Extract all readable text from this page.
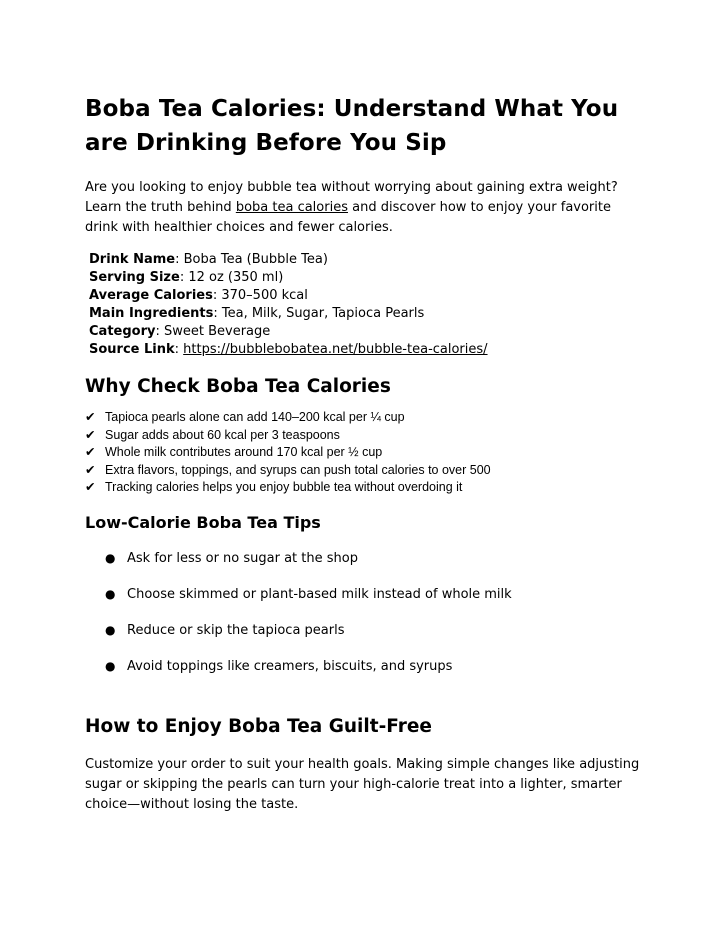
Boba Tea Calories: Understand What You are Drinking Before You Sip

Are you looking to enjoy bubble tea without worrying about gaining extra weight? Learn the truth behind boba tea calories and discover how to enjoy your favorite drink with healthier choices and fewer calories.

Drink Name: Boba Tea (Bubble Tea)
Serving Size: 12 oz (350 ml)
Average Calories: 370–500 kcal
Main Ingredients: Tea, Milk, Sugar, Tapioca Pearls
Category: Sweet Beverage
Source Link: https://bubblebobatea.net/bubble-tea-calories/
Why Check Boba Tea Calories
✔ Tapioca pearls alone can add 140–200 kcal per ¼ cup
✔ Sugar adds about 60 kcal per 3 teaspoons
✔ Whole milk contributes around 170 kcal per ½ cup
✔ Extra flavors, toppings, and syrups can push total calories to over 500
✔ Tracking calories helps you enjoy bubble tea without overdoing it
Low-Calorie Boba Tea Tips
● Ask for less or no sugar at the shop
● Choose skimmed or plant-based milk instead of whole milk
● Reduce or skip the tapioca pearls
● Avoid toppings like creamers, biscuits, and syrups
How to Enjoy Boba Tea Guilt-Free

Customize your order to suit your health goals. Making simple changes like adjusting sugar or skipping the pearls can turn your high-calorie treat into a lighter, smarter choice—without losing the taste.
